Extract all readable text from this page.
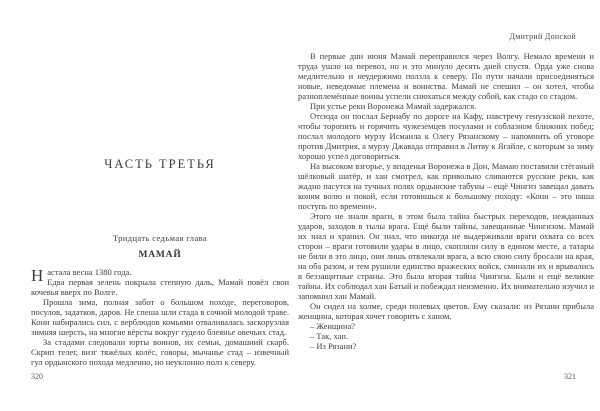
ЧАСТЬ ТРЕТЬЯ
Тридцать седьмая глава
МАМАЙ
Н астала весна 1380 года.

Едва первая зелень покрыла степную даль, Мамай повёл свои кочевья вверх по Волге.

Прошла зима, полная забот о большом походе, переговоров, посулов, задатков, даров. Не спеша шли стада в сочной молодой траве. Кони набирались сил, с верблюдов комьями отваливалась заскорузлая зимняя шерсть, на многие вёрсты вокруг гудело блеянье овечьих стад.

За стадами следовали юрты воинов, их семьи, домашний скарб. Скрип телег, визг тяжёлых колёс, говоры, мычанье стад – извечный гул ордынского похода медленно, но неуклонно полз к северу.

320
Дмитрий Донской

В первые дни июня Мамай переправился через Волгу. Немало времени и труда ушло на перевоз, но и это минуло десять дней спустя. Орда уже снова медлительно и неудержимо ползла к северу. По пути начали присоединяться новые, неведомые племена и воинства. Мамай не спешил – он хотел, чтобы разноплемённые воины успели снюхаться между собой, как стадо со стадом.

При устье реки Воронежа Мамай задержался.

Отсюда он послал Бернабу по дороге на Кафу, навстречу генуэзской пехоте, чтобы торопить и горячить чужеземцев посулами и соблазном ближних побед; послал молодого мурзу Исмаила к Олегу Рязанскому – напомнить об уговоре против Дмитрия, а мурзу Джавада отправил в Литву к Ягайле, с которым за зиму хорошо успел договориться.

На высоком взгорье, у впаденья Воронежа в Дон, Мамаю поставили стёганый шёлковый шатёр, и хан смотрел, как привольно сливаются русские реки, как жадно пасутся на тучных полях ордынские табуны – ещё Чингиз завещал давать коням волю и покой, если готовишься к большому походу: «Кони – это наша поступь по времени».

Этого не знали враги, в этом была тайна быстрых переходов, нежданных ударов, заходов в тылы врага. Ещё были тайны, завещанные Чингизом. Мамай их знал и хранил. Он знал, что никогда не выдерживали враги охвата со всех сторон – враги готовили удары в лицо, скопляли силу в едином месте, а татары не били в это лицо, они лишь отвлекали врага, а всю свою силу бросали на края, на оба разом, и тем рушили единство вражеских войск, сминали их и врывались в беззащитные страны. Это была вторая тайна Чингиза. Были и ещё великие тайны. Их соблюдал хан Батый и побеждал неизменно. Их внимательно изучил и запомнил хан Мамай.

Он сидел на холме, среди полевых цветов. Ему сказали: из Рязани прибыла женщина, которая хочет говорить с ханом.

– Женщина?

– Так, хан.

– Из Рязани?

321
